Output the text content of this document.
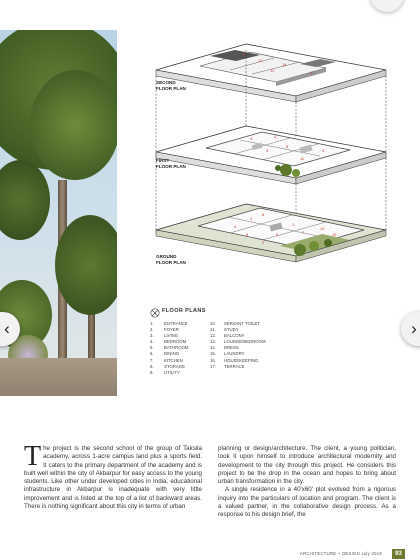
17
12
14
12	17
4	4
3
5
11
4
1
6
4
8
1
8	7
10
2
15
SECOND
FLOOR PLAN
FIRST
FLOOR PLAN
GROUND
FLOOR PLAN
FLOOR PLANS
1. ENTRANCE
2. FOYER
3. LIVING
4. BEDROOM
5. BATHROOM
6. DINING
7. KITCHEN
8. STORAGE
9. UTILITY
10. SERVANT TOILET
11. STUDY
12. BALCONY
13. LOUNGE/BEDROOM
14. DRESS
15. LAUNDRY
16. HOUSEKEEPING
17. TERRACE
‹	›

The project is the second school of the group of Taksila academy, across 1-acre campus land plus a sports field. It caters to the primary department of the academy and is built well within the city of Akbarpur for easy access to the young students. Like other under developed cities in India, educational infrastructure in Akbarpur is inadequate with very little improvement and is listed at the top of a list of backward areas. There is nothing significant about this city in terms of urban

planning or design/architecture. The client, a young politician, took it upon himself to introduce architectural modernity and development to the city through this project. He considers this project to be the drop in the ocean and hopes to bring about urban transformation in the city.

A single residence in a 40'x60' plot evolved from a rigorous inquiry into the particulars of location and program. The client is a valued partner, in the collaborative design process. As a response to his design brief, the

ARCHITECTURE + DESIGN July 2019	93
